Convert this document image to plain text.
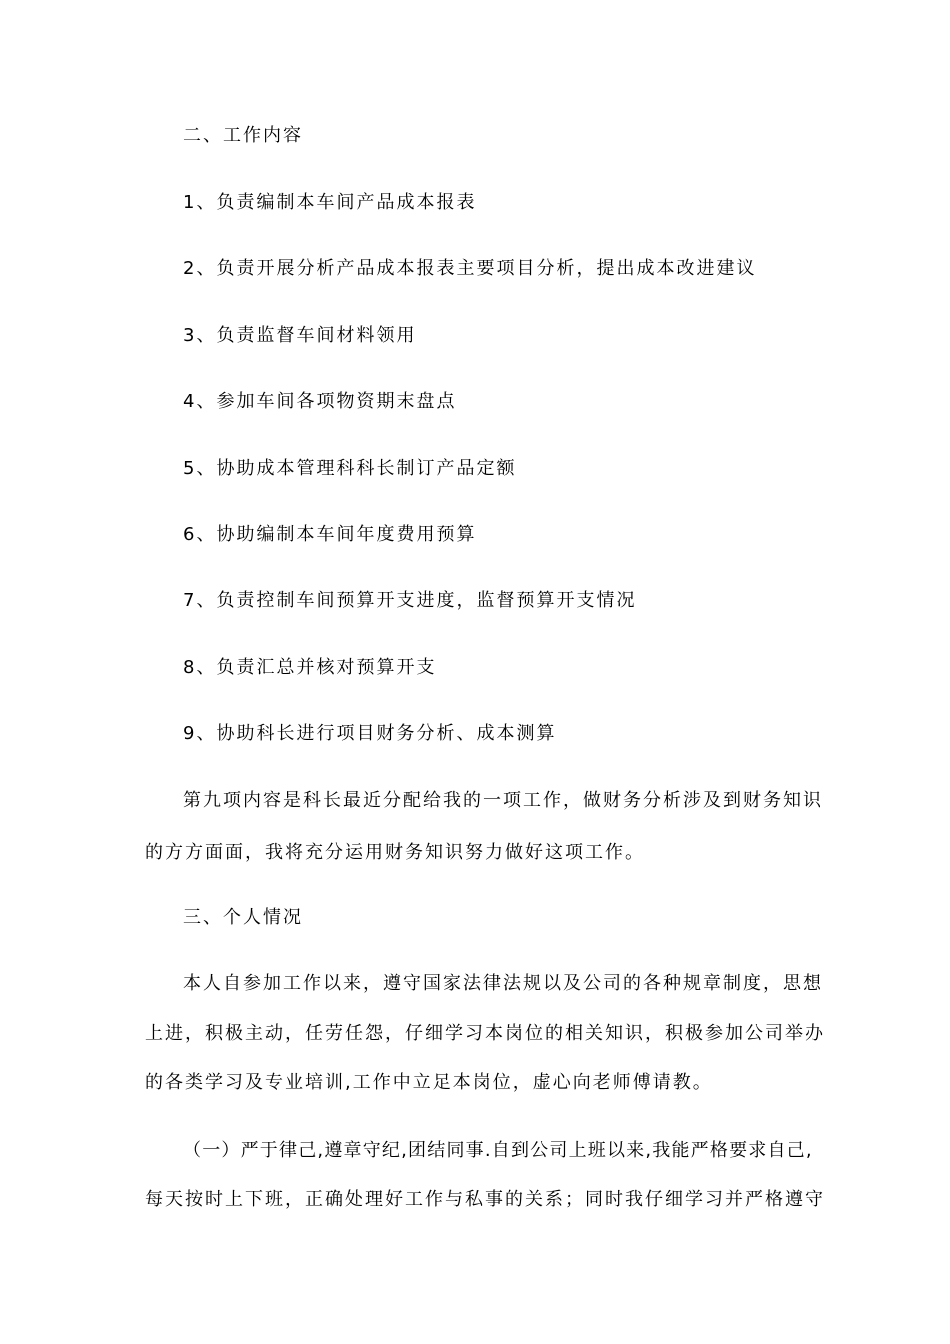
二、工作内容
1、负责编制本车间产品成本报表
2、负责开展分析产品成本报表主要项目分析，提出成本改进建议
3、负责监督车间材料领用
4、参加车间各项物资期末盘点
5、协助成本管理科科长制订产品定额
6、协助编制本车间年度费用预算
7、负责控制车间预算开支进度，监督预算开支情况
8、负责汇总并核对预算开支
9、协助科长进行项目财务分析、成本测算
第九项内容是科长最近分配给我的一项工作，做财务分析涉及到财务知识
的方方面面，我将充分运用财务知识努力做好这项工作。
三、个人情况
本人自参加工作以来，遵守国家法律法规以及公司的各种规章制度，思想
上进，积极主动，任劳任怨，仔细学习本岗位的相关知识，积极参加公司举办
的各类学习及专业培训,工作中立足本岗位，虚心向老师傅请教。
（一）严于律己,遵章守纪,团结同事.自到公司上班以来,我能严格要求自己,
每天按时上下班，正确处理好工作与私事的关系；同时我仔细学习并严格遵守
